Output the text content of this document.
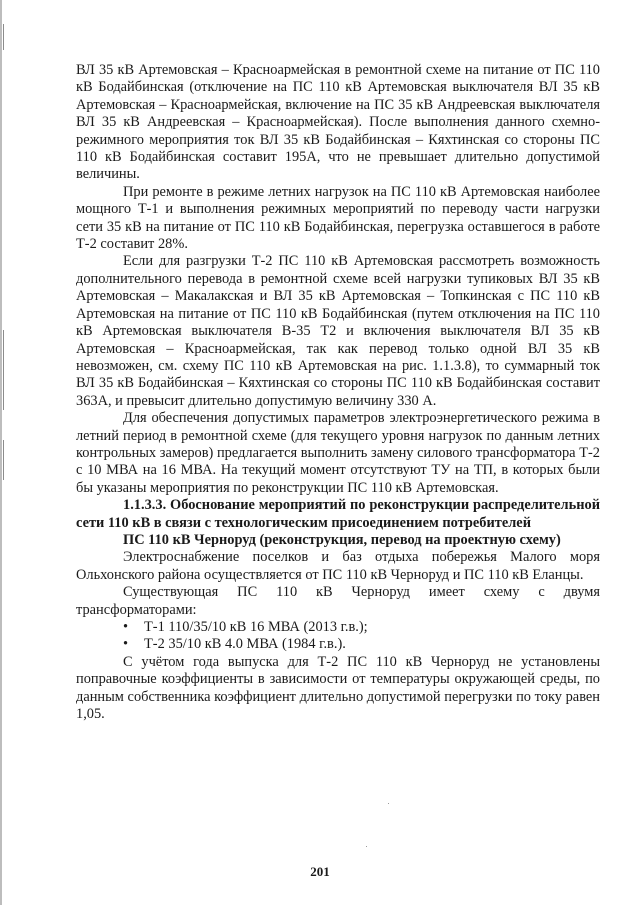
ВЛ 35 кВ Артемовская – Красноармейская в ремонтной схеме на питание от ПС 110 кВ Бодайбинская (отключение на ПС 110 кВ Артемовская выключателя ВЛ 35 кВ Артемовская – Красноармейская, включение на ПС 35 кВ Андреевская выключателя ВЛ 35 кВ Андреевская – Красноармейская). После выполнения данного схемно-режимного мероприятия ток ВЛ 35 кВ Бодайбинская – Кяхтинская со стороны ПС 110 кВ Бодайбинская составит 195А, что не превышает длительно допустимой величины.

При ремонте в режиме летних нагрузок на ПС 110 кВ Артемовская наиболее мощного Т-1 и выполнения режимных мероприятий по переводу части нагрузки сети 35 кВ на питание от ПС 110 кВ Бодайбинская, перегрузка оставшегося в работе Т-2 составит 28%.

Если для разгрузки Т-2 ПС 110 кВ Артемовская рассмотреть возможность дополнительного перевода в ремонтной схеме всей нагрузки тупиковых ВЛ 35 кВ Артемовская – Макалакская и ВЛ 35 кВ Артемовская – Топкинская с ПС 110 кВ Артемовская на питание от ПС 110 кВ Бодайбинская (путем отключения на ПС 110 кВ Артемовская выключателя В-35 Т2 и включения выключателя ВЛ 35 кВ Артемовская – Красноармейская, так как перевод только одной ВЛ 35 кВ невозможен, см. схему ПС 110 кВ Артемовская на рис. 1.1.3.8), то суммарный ток ВЛ 35 кВ Бодайбинская – Кяхтинская со стороны ПС 110 кВ Бодайбинская составит 363А, и превысит длительно допустимую величину 330 А.

Для обеспечения допустимых параметров электроэнергетического режима в летний период в ремонтной схеме (для текущего уровня нагрузок по данным летних контрольных замеров) предлагается выполнить замену силового трансформатора Т-2 с 10 МВА на 16 МВА. На текущий момент отсутствуют ТУ на ТП, в которых были бы указаны мероприятия по реконструкции ПС 110 кВ Артемовская.

1.1.3.3. Обоснование мероприятий по реконструкции распределительной сети 110 кВ в связи с технологическим присоединением потребителей

ПС 110 кВ Черноруд (реконструкция, перевод на проектную схему)

Электроснабжение поселков и баз отдыха побережья Малого моря Ольхонского района осуществляется от ПС 110 кВ Черноруд и ПС 110 кВ Еланцы.

Существующая ПС 110 кВ Черноруд имеет схему с двумя трансформаторами:

• Т-1 110/35/10 кВ 16 МВА (2013 г.в.);
• Т-2 35/10 кВ 4.0 МВА (1984 г.в.).

С учётом года выпуска для Т-2 ПС 110 кВ Черноруд не установлены поправочные коэффициенты в зависимости от температуры окружающей среды, по данным собственника коэффициент длительно допустимой перегрузки по току равен 1,05.

201
